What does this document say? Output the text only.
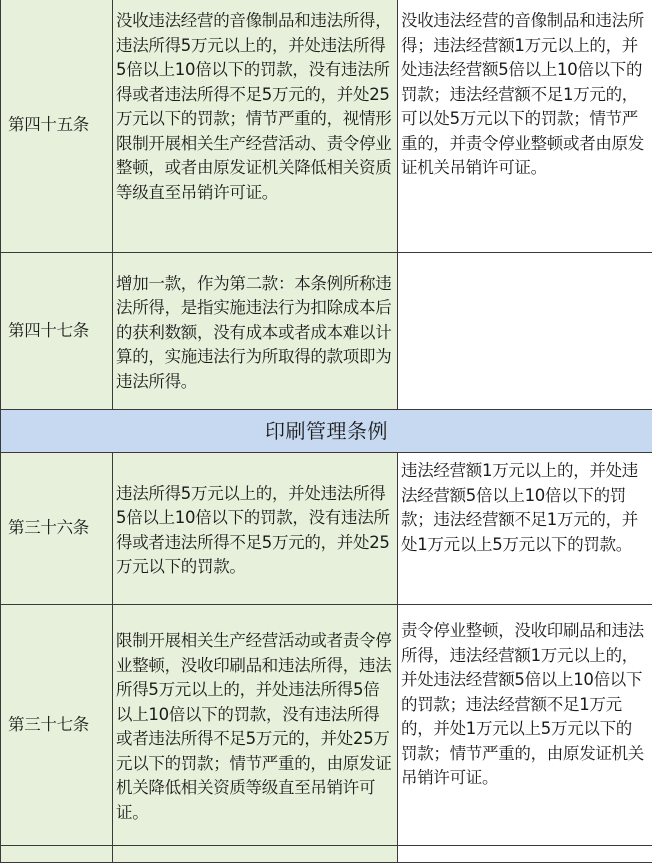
第四十五条	没收违法经营的音像制品和违法所得，违法所得5万元以上的，并处违法所得5倍以上10倍以下的罚款，没有违法所得或者违法所得不足5万元的，并处25万元以下的罚款；情节严重的，视情形限制开展相关生产经营活动、责令停业整顿，或者由原发证机关降低相关资质等级直至吊销许可证。	没收违法经营的音像制品和违法所得；违法经营额1万元以上的，并处违法经营额5倍以上10倍以下的罚款；违法经营额不足1万元的，可以处5万元以下的罚款；情节严重的，并责令停业整顿或者由原发证机关吊销许可证。

第四十七条	增加一款，作为第二款：本条例所称违法所得，是指实施违法行为扣除成本后的获利数额，没有成本或者成本难以计算的，实施违法行为所取得的款项即为违法所得。	

印刷管理条例		
第三十六条	违法所得5万元以上的，并处违法所得5倍以上10倍以下的罚款，没有违法所得或者违法所得不足5万元的，并处25万元以下的罚款。	违法经营额1万元以上的，并处违法经营额5倍以上10倍以下的罚款；违法经营额不足1万元的，并处1万元以上5万元以下的罚款。

第三十七条	限制开展相关生产经营活动或者责令停业整顿，没收印刷品和违法所得，违法所得5万元以上的，并处违法所得5倍以上10倍以下的罚款，没有违法所得或者违法所得不足5万元的，并处25万元以下的罚款；情节严重的，由原发证机关降低相关资质等级直至吊销许可证。	责令停业整顿，没收印刷品和违法所得，违法经营额1万元以上的，并处违法经营额5倍以上10倍以下的罚款；违法经营额不足1万元的，并处1万元以上5万元以下的罚款；情节严重的，由原发证机关吊销许可证。
